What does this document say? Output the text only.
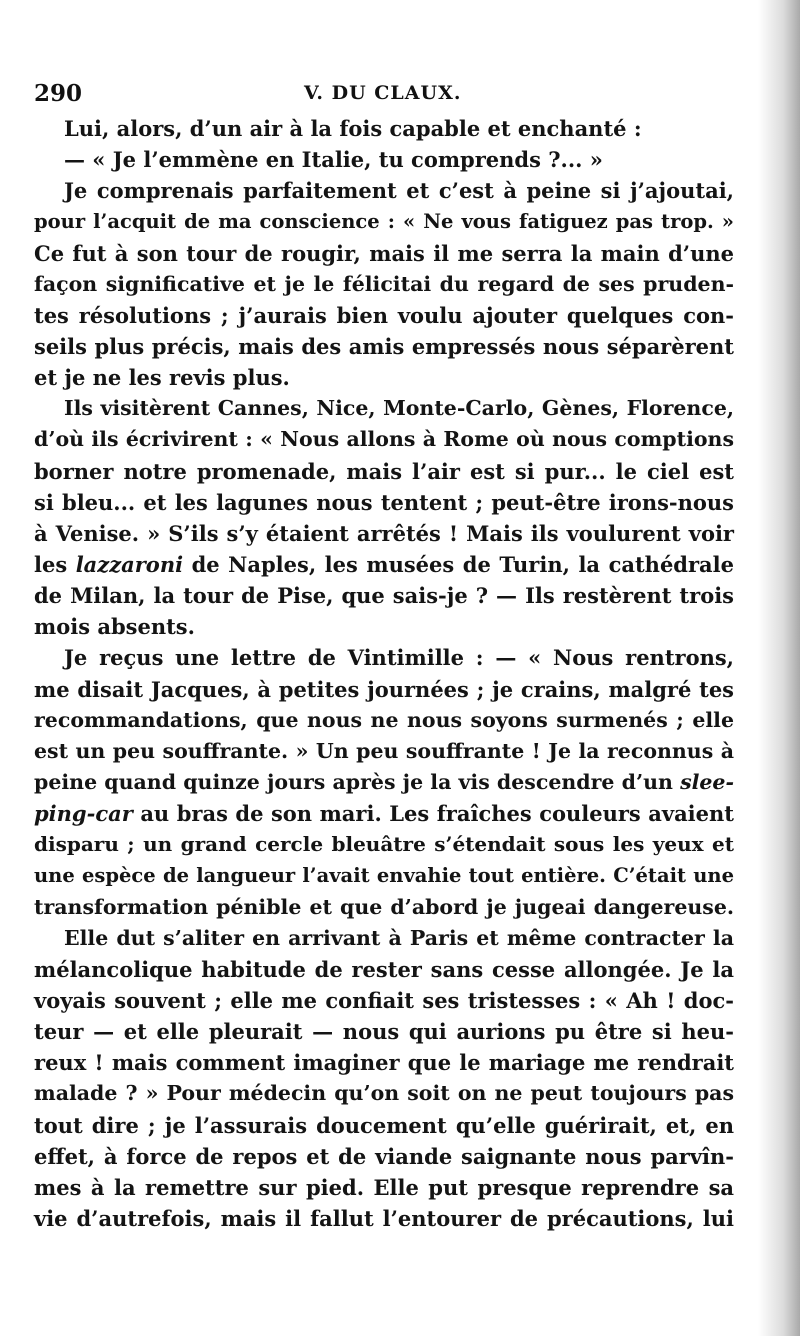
290	V. DU CLAUX.
Lui, alors, d’un air à la fois capable et enchanté :
— « Je l’emmène en Italie, tu comprends ?... »
Je comprenais parfaitement et c’est à peine si j’ajoutai,
pour l’acquit de ma conscience : « Ne vous fatiguez pas trop. »
Ce fut à son tour de rougir, mais il me serra la main d’une
façon significative et je le félicitai du regard de ses pruden-
tes résolutions ; j’aurais bien voulu ajouter quelques con-
seils plus précis, mais des amis empressés nous séparèrent
et je ne les revis plus.
Ils visitèrent Cannes, Nice, Monte-Carlo, Gènes, Florence,
d’où ils écrivirent : « Nous allons à Rome où nous comptions
borner notre promenade, mais l’air est si pur... le ciel est
si bleu... et les lagunes nous tentent ; peut-être irons-nous
à Venise. » S’ils s’y étaient arrêtés ! Mais ils voulurent voir
les lazzaroni de Naples, les musées de Turin, la cathédrale
de Milan, la tour de Pise, que sais-je ? — Ils restèrent trois
mois absents.
Je reçus une lettre de Vintimille : — « Nous rentrons,
me disait Jacques, à petites journées ; je crains, malgré tes
recommandations, que nous ne nous soyons surmenés ; elle
est un peu souffrante. » Un peu souffrante ! Je la reconnus à
peine quand quinze jours après je la vis descendre d’un slee-
ping-car au bras de son mari. Les fraîches couleurs avaient
disparu ; un grand cercle bleuâtre s’étendait sous les yeux et
une espèce de langueur l’avait envahie tout entière. C’était une
transformation pénible et que d’abord je jugeai dangereuse.
Elle dut s’aliter en arrivant à Paris et même contracter la
mélancolique habitude de rester sans cesse allongée. Je la
voyais souvent ; elle me confiait ses tristesses : « Ah ! doc-
teur — et elle pleurait — nous qui aurions pu être si heu-
reux ! mais comment imaginer que le mariage me rendrait
malade ? » Pour médecin qu’on soit on ne peut toujours pas
tout dire ; je l’assurais doucement qu’elle guérirait, et, en
effet, à force de repos et de viande saignante nous parvîn-
mes à la remettre sur pied. Elle put presque reprendre sa
vie d’autrefois, mais il fallut l’entourer de précautions, lui
